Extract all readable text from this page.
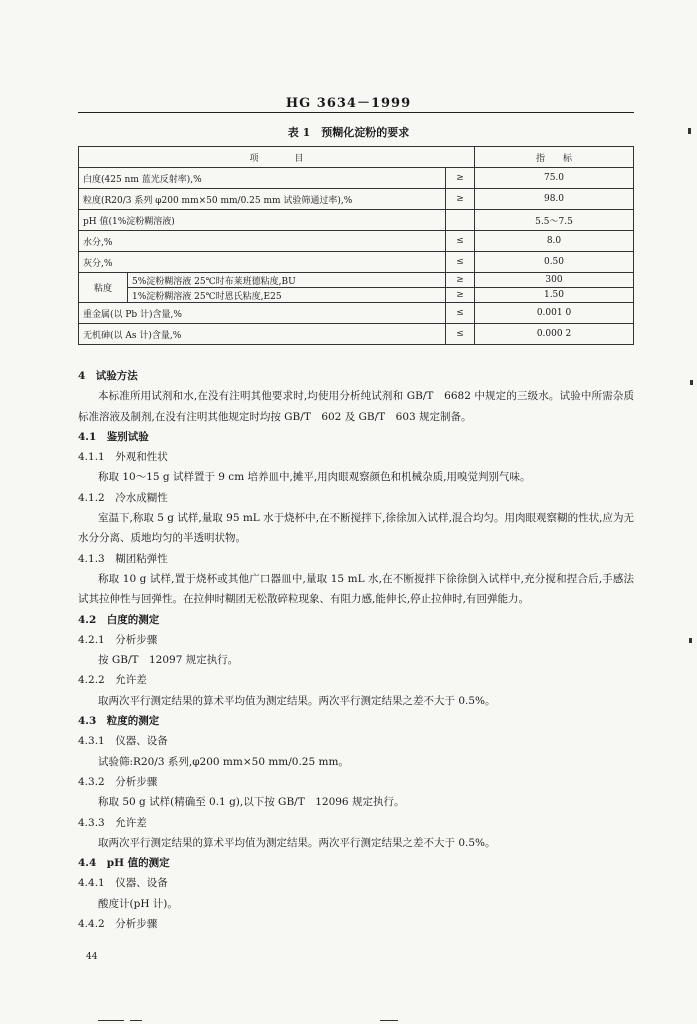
HG 3634－1999
表 1　预糊化淀粉的要求
项　　　　目			指　　标
白度(425 nm 蓝光反射率),%		≥	75.0
粒度(R20/3 系列 φ200 mm×50 mm/0.25 mm 试验筛通过率),%		≥	98.0
pH 值(1%淀粉糊溶液)			5.5～7.5
水分,%		≤	8.0
灰分,%		≤	0.50
粘度	5%淀粉糊溶液 25℃时布莱班德粘度,BU	≥	300
	1%淀粉糊溶液 25℃时恩氏粘度,E25	≥	1.50
重金属(以 Pb 计)含量,%		≤	0.001 0
无机砷(以 As 计)含量,%		≤	0.000 2

4　试验方法

本标准所用试剂和水,在没有注明其他要求时,均使用分析纯试剂和 GB/T　6682 中规定的三级水。试验中所需杂质标准溶液及制剂,在没有注明其他规定时均按 GB/T　602 及 GB/T　603 规定制备。

4.1　鉴别试验

4.1.1　外观和性状

称取 10～15 g 试样置于 9 cm 培养皿中,摊平,用肉眼观察颜色和机械杂质,用嗅觉判别气味。

4.1.2　冷水成糊性

室温下,称取 5 g 试样,量取 95 mL 水于烧杯中,在不断搅拌下,徐徐加入试样,混合均匀。用肉眼观察糊的性状,应为无水分分离、质地均匀的半透明状物。

4.1.3　糊团粘弹性

称取 10 g 试样,置于烧杯或其他广口器皿中,量取 15 mL 水,在不断搅拌下徐徐倒入试样中,充分搅和捏合后,手感法试其拉伸性与回弹性。在拉伸时糊团无松散碎粒现象、有阻力感,能伸长,停止拉伸时,有回弹能力。

4.2　白度的测定

4.2.1　分析步骤

按 GB/T　12097 规定执行。

4.2.2　允许差

取两次平行测定结果的算术平均值为测定结果。两次平行测定结果之差不大于 0.5%。

4.3　粒度的测定

4.3.1　仪器、设备

试验筛:R20/3 系列,φ200 mm×50 mm/0.25 mm。

4.3.2　分析步骤

称取 50 g 试样(精确至 0.1 g),以下按 GB/T　12096 规定执行。

4.3.3　允许差

取两次平行测定结果的算术平均值为测定结果。两次平行测定结果之差不大于 0.5%。

4.4　pH 值的测定

4.4.1　仪器、设备

酸度计(pH 计)。

4.4.2　分析步骤

44
